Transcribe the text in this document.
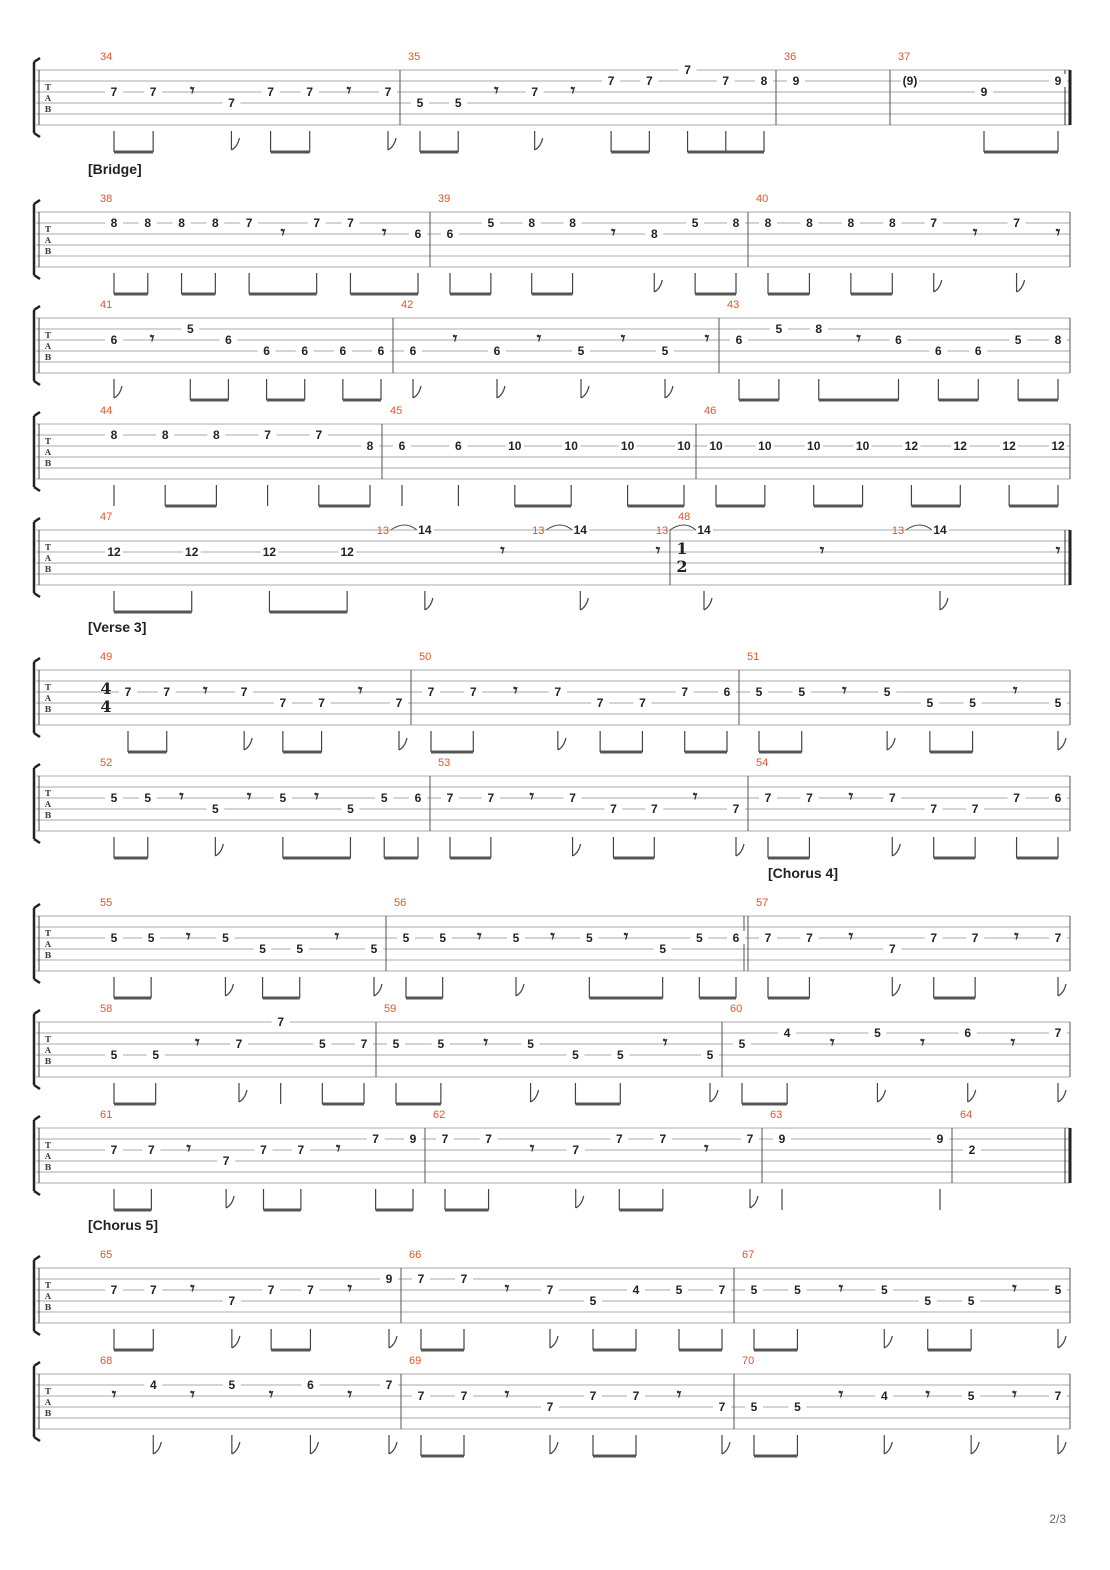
T
A
B
34
7	7 𝄾
7
7	7 𝄾	7
35
5	5
𝄾	7 𝄾	7	7
7
7	8
36
9
37
(9)
9
9
T
A
B
[Bridge]
38
8 8 8 8 7 𝄾 7 7 𝄾 6
39
6
5	8	8 𝄾	8
5	8
40
8	8	8	8	7 𝄾	7 𝄾
T
A
B
41
6 𝄾	5
6
6	6	6	6
42
6
𝄾
6
𝄾
5
𝄾
5
𝄾
43
6
5	8 𝄾	6
6	6
5	8
T
A
B
44
8	8	8	7	7
8
45
6	6	10	10	10	10
46
10	10	10	10	12	12	12	12
T
A
B
47
12	12	12	12
14
13
𝄾
14
13
𝄾
48
1
2
14
13
𝄾
14
13
𝄾
T
A
B
[Verse 3]
49
4
4
7	7 𝄾	7
7	7
𝄾
7
50
7	7 𝄾	7
7	7
7	6
51
5	5 𝄾	5
5	5
𝄾
5
T
A
B
52
5 5 𝄾
5
𝄾 5 𝄾
5
5 6
53
7	7 𝄾	7
7	7
𝄾
7
54
7	7 𝄾	7
7	7
7	6
T
A
B
[Chorus 4]
55
5	5 𝄾	5
5	5
𝄾
5
56
5 5 𝄾	5 𝄾	5 𝄾
5
5 6
57
7	7 𝄾
7
7	7 𝄾	7
T
A
B
58
5	5
𝄾	7
7
5	7
59
5	5 𝄾	5
5	5
𝄾
5
60
5
4 𝄾	5 𝄾	6 𝄾	7
T
A
B
61
7	7 𝄾
7
7	7 𝄾	7	9
62
7	7 𝄾	7
7	7 𝄾	7
63
9	9
64
2
T
A
B
[Chorus 5]
65
7	7 𝄾
7
7	7 𝄾	9
66
7	7 𝄾	7
5
4	5	7
67
5	5 𝄾	5
5	5
𝄾	5
T
A
B
68
𝄾	4 𝄾	5 𝄾	6 𝄾	7
69
7	7 𝄾
7
7	7 𝄾
7
70
5	5
𝄾	4 𝄾	5 𝄾	7
2/3
